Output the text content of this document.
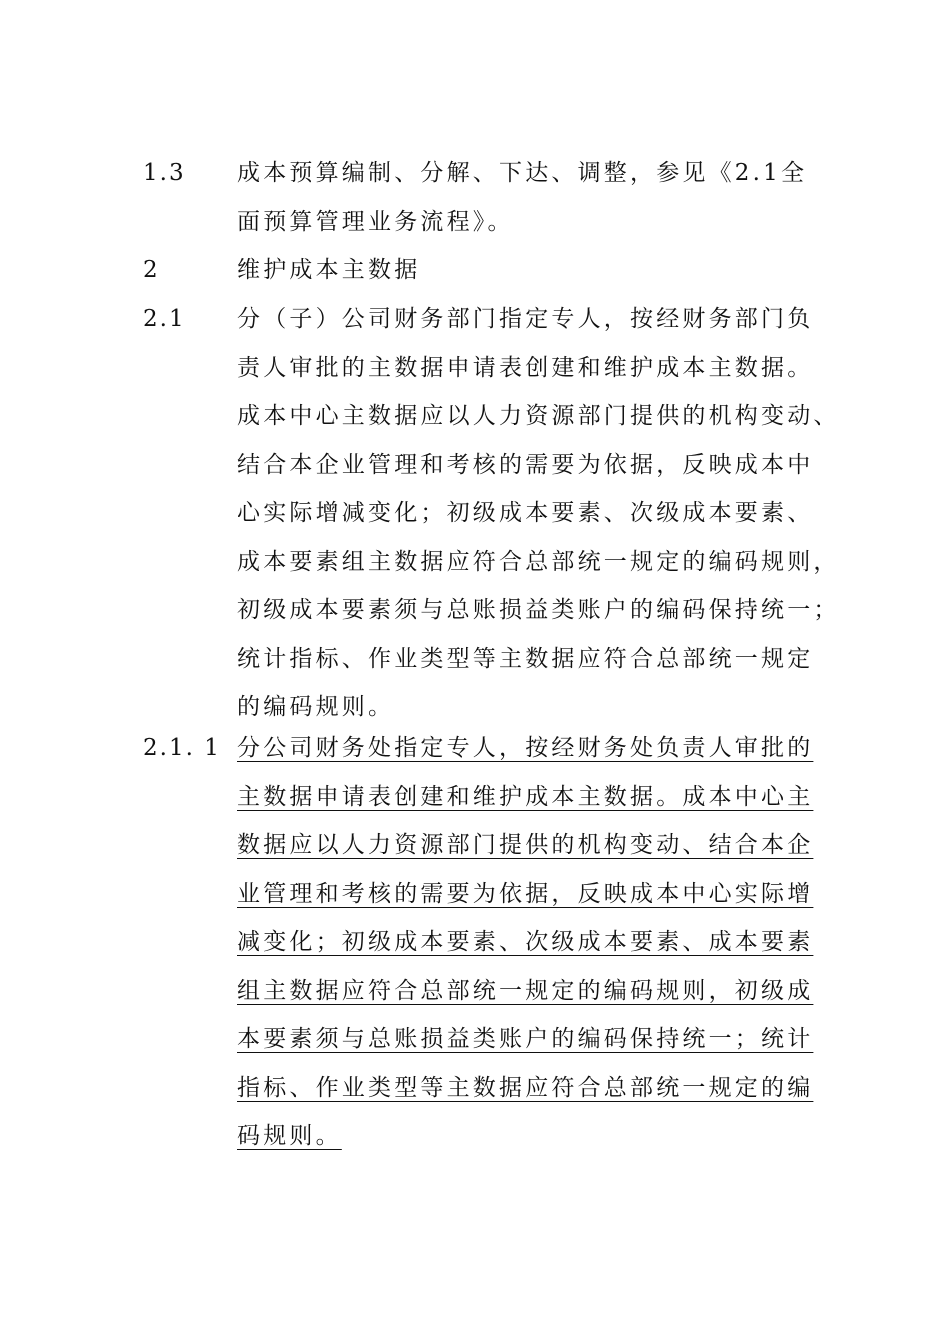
1.3	成本预算编制、分解、下达、调整，参见《2.1全
面预算管理业务流程》。
2	维护成本主数据
2.1	分（子）公司财务部门指定专人，按经财务部门负
责人审批的主数据申请表创建和维护成本主数据。
成本中心主数据应以人力资源部门提供的机构变动、
结合本企业管理和考核的需要为依据，反映成本中
心实际增减变化；初级成本要素、次级成本要素、
成本要素组主数据应符合总部统一规定的编码规则，
初级成本要素须与总账损益类账户的编码保持统一；
统计指标、作业类型等主数据应符合总部统一规定
的编码规则。
2.1. 1 分公司财务处指定专人，按经财务处负责人审批的
主数据申请表创建和维护成本主数据。成本中心主
数据应以人力资源部门提供的机构变动、结合本企
业管理和考核的需要为依据，反映成本中心实际增
减变化；初级成本要素、次级成本要素、成本要素
组主数据应符合总部统一规定的编码规则，初级成
本要素须与总账损益类账户的编码保持统一；统计
指标、作业类型等主数据应符合总部统一规定的编
码规则。
